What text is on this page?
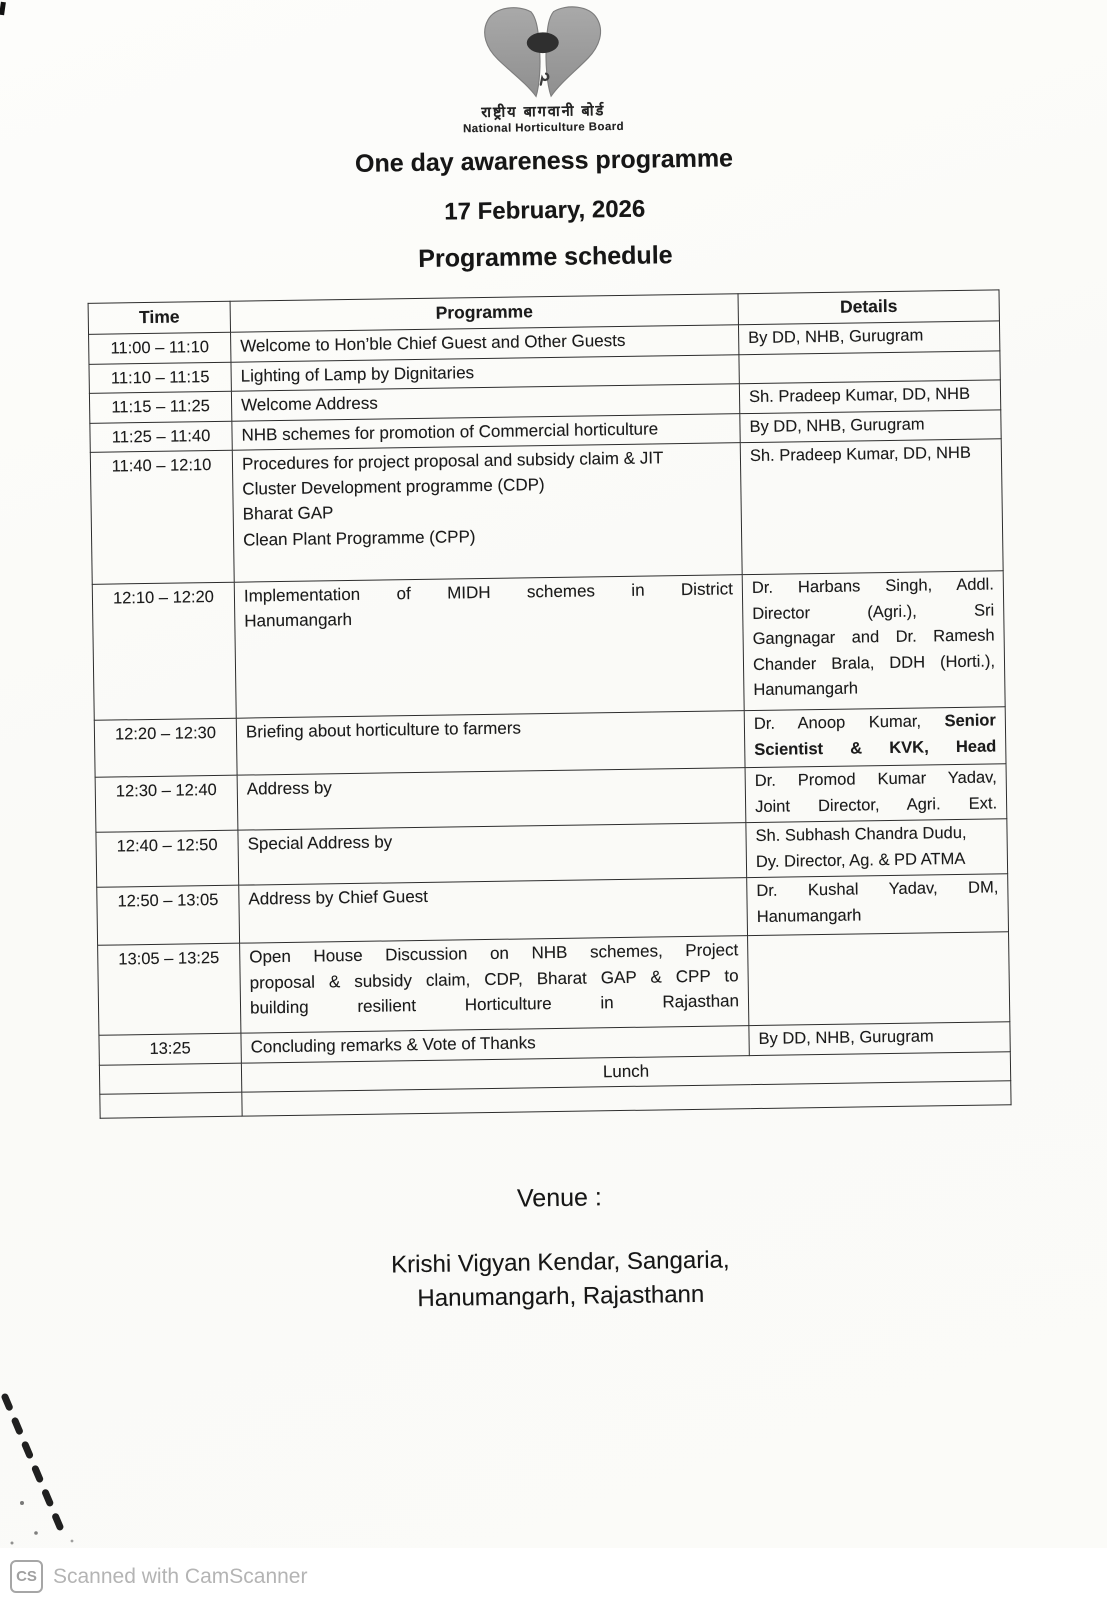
राष्ट्रीय बागवानी बोर्ड
National Horticulture Board
One day awareness programme
17 February, 2026
Programme schedule
Time	Programme	Details
11:00 – 11:10	Welcome to Hon’ble Chief Guest and Other Guests	By DD, NHB, Gurugram
11:10 – 11:15	Lighting of Lamp by Dignitaries	
11:15 – 11:25	Welcome Address	Sh. Pradeep Kumar, DD, NHB
11:25 – 11:40	NHB schemes for promotion of Commercial horticulture	By DD, NHB, Gurugram
11:40 – 12:10	Procedures for project proposal and subsidy claim & JIT
Cluster Development programme (CDP)
Bharat GAP
Clean Plant Programme (CPP)	Sh. Pradeep Kumar, DD, NHB
12:10 – 12:20	Implementation of MIDH schemes in District
Hanumangarh	Dr. Harbans Singh, Addl.
Director (Agri.), Sri
Gangnagar and Dr. Ramesh
Chander Brala, DDH (Horti.),
Hanumangarh
12:20 – 12:30	Briefing about horticulture to farmers	Dr. Anoop Kumar, Senior Scientist & KVK, Head
12:30 – 12:40	Address by	Dr. Promod Kumar Yadav,
Joint Director, Agri. Ext.
12:40 – 12:50	Special Address by	Sh. Subhash Chandra Dudu,
Dy. Director, Ag. & PD ATMA
12:50 – 13:05	Address by Chief Guest	Dr. Kushal Yadav, DM,
Hanumangarh
13:05 – 13:25	Open House Discussion on NHB schemes, Project
proposal & subsidy claim, CDP, Bharat GAP & CPP to
building resilient Horticulture in Rajasthan	
13:25	Concluding remarks & Vote of Thanks	By DD, NHB, Gurugram
	Lunch	

Venue :
Krishi Vigyan Kendar, Sangaria,
Hanumangarh, Rajasthann
CS Scanned with CamScanner
